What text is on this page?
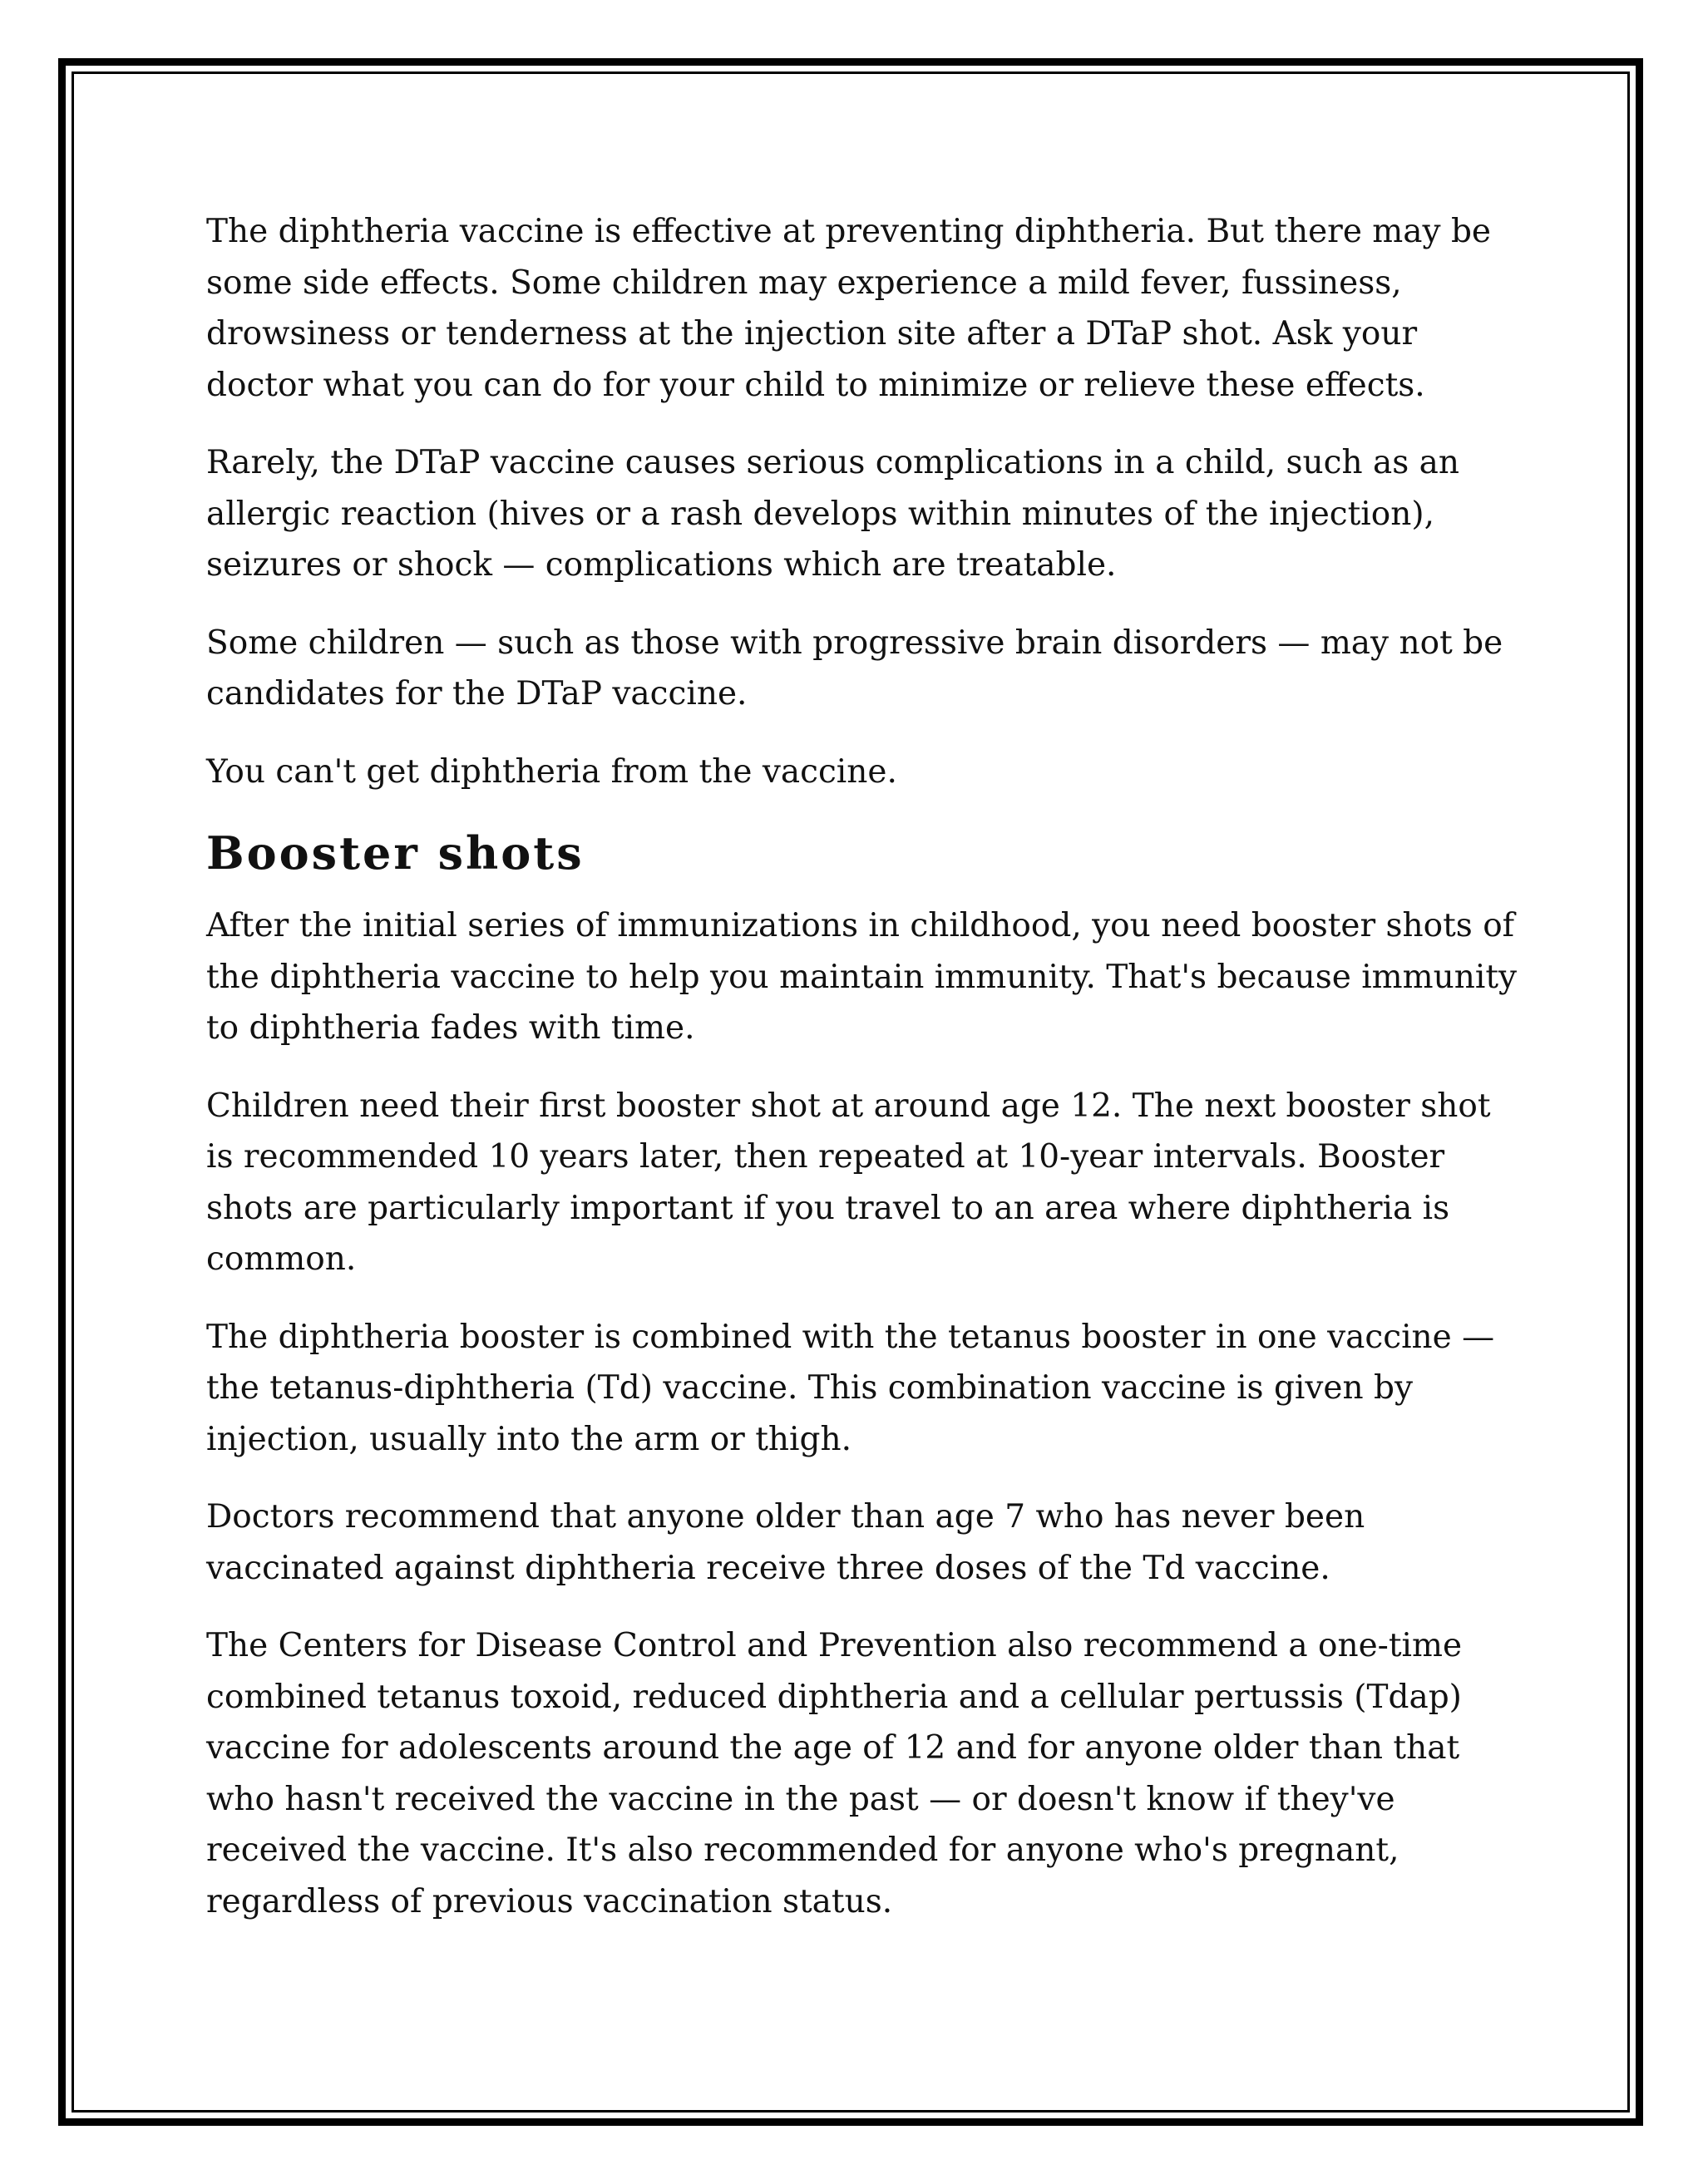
The diphtheria vaccine is effective at preventing diphtheria. But there may be some side effects. Some children may experience a mild fever, fussiness, drowsiness or tenderness at the injection site after a DTaP shot. Ask your doctor what you can do for your child to minimize or relieve these effects.

Rarely, the DTaP vaccine causes serious complications in a child, such as an allergic reaction (hives or a rash develops within minutes of the injection), seizures or shock — complications which are treatable.

Some children — such as those with progressive brain disorders — may not be candidates for the DTaP vaccine.

You can't get diphtheria from the vaccine.

Booster shots

After the initial series of immunizations in childhood, you need booster shots of the diphtheria vaccine to help you maintain immunity. That's because immunity to diphtheria fades with time.

Children need their first booster shot at around age 12. The next booster shot is recommended 10 years later, then repeated at 10-year intervals. Booster shots are particularly important if you travel to an area where diphtheria is common.

The diphtheria booster is combined with the tetanus booster in one vaccine — the tetanus-diphtheria (Td) vaccine. This combination vaccine is given by injection, usually into the arm or thigh.

Doctors recommend that anyone older than age 7 who has never been vaccinated against diphtheria receive three doses of the Td vaccine.

The Centers for Disease Control and Prevention also recommend a one-time combined tetanus toxoid, reduced diphtheria and a cellular pertussis (Tdap) vaccine for adolescents around the age of 12 and for anyone older than that who hasn't received the vaccine in the past — or doesn't know if they've received the vaccine. It's also recommended for anyone who's pregnant, regardless of previous vaccination status.
